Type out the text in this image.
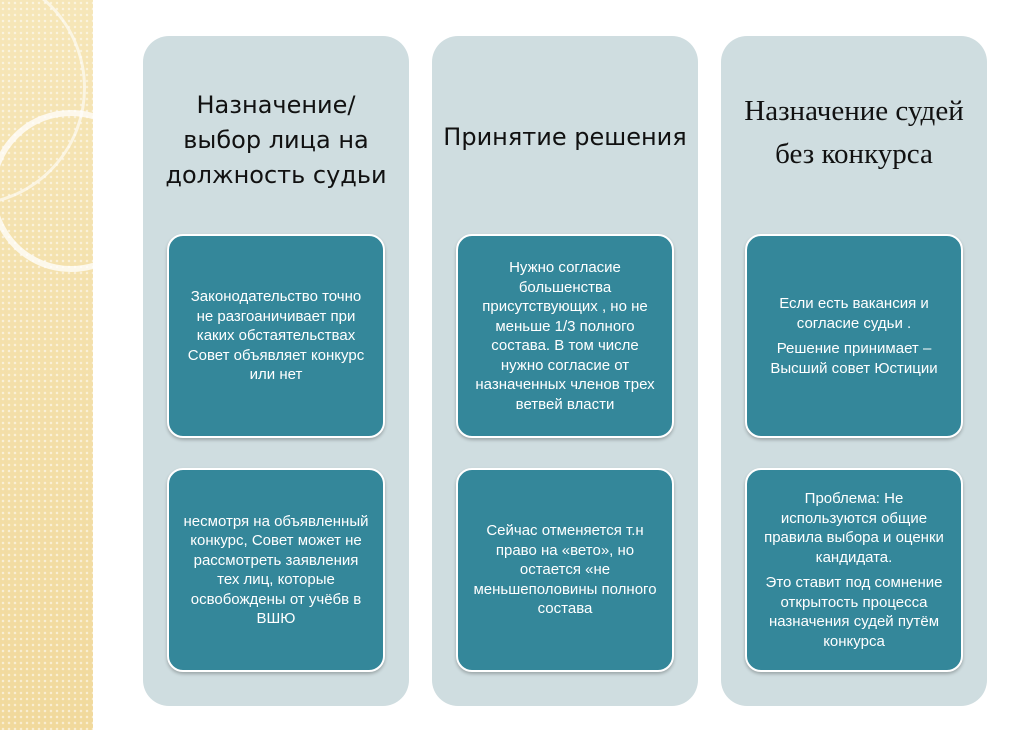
Назначение/выбор лица на должность судьи

Законодательство точно не разгоаничивает при каких обстаятельствах Совет объявляет конкурс или нет

несмотря на объявленный конкурс, Совет может не рассмотреть заявления тех лиц, которые освобождены от учёбв в ВШЮ

Принятие решения

Нужно согласие большенства присутствующих , но не меньше 1/3 полного состава. В том числе нужно согласие от назначенных членов трех ветвей власти

Сейчас отменяется т.н право на «вето», но остается «не меньшеполовины полного состава

Назначение судей без конкурса

Если есть вакансия и согласие судьи .

Решение принимает – Высший совет Юстиции

Проблема: Не используются общие правила выбора и оценки кандидата.

Это ставит под сомнение открытость процесса назначения судей путём конкурса
